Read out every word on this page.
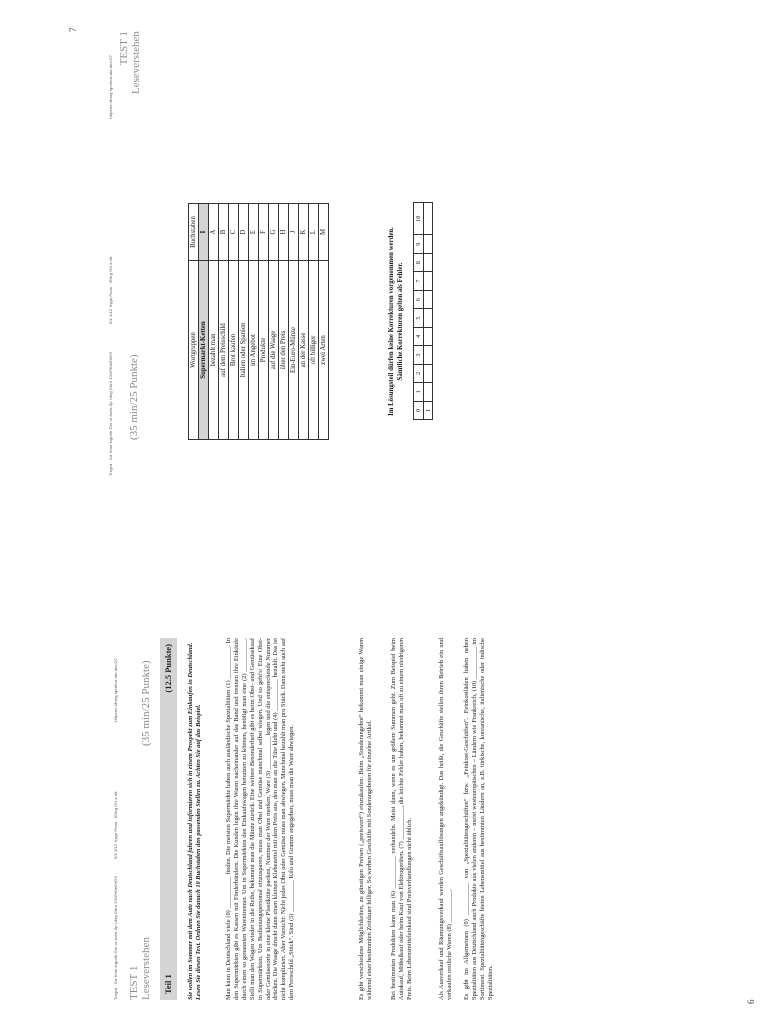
Tregrd · Da Hom ingrolh Oro or Autrl-Sp Ukrg Gitrn 10W%0eErEIS
5/1 1/12 Nyga Pnan · IEhrg Gtr a rfk
Hltperio-Mmrg Igerlhur-atu.dnv.O7
TEST 1 Leseverstehen
(35 min/25 Punkte)
Teil 1
(12.5 Punkte) Sie wollen im Sommer mit dem Auto nach Deutschland fahren und informieren sich in einem Prospekt zum Einkaufen in Deutschland. Lesen Sie diesen Text. Ordnen Sie danach 10 Buchstaben den passenden Stellen zu. Achten Sie auf das Beispiel.	Man kann in Deutschland viele (0) __________ finden. Die meisten Supermärkte haben auch ausländische Spezialitäten (1) __________. In den Supermärkten gibt es Kassen mit Förderbändern. Die Kunden legen ihre Waren nacheinander auf das Band und trennen ihre Einkäufe durch einen so genannten Warentrenner. Um in Supermärkten den Einkaufswagen benutzen zu können, benötigt man eine (2) __________. Stellt man den Wagen wieder in die Reihe, bekommt man die Münze zurück. Eine weitere Besonderheit gibt es beim Obst- und Gemüsekauf in Supermärkten. Um Bedienungspersonal einzusparen, muss man Obst und Gemüse manchmal selbst wiegen. Und so geht's: Eine Obst- oder Gemüsesorte in eine kleine Plastiktüte packen, Nummer der Ware merken, Ware (3) __________ legen und die entsprechende Nummer drücken. Die Waage druckt dann einen kleinen Klebezettel mit dem Preis aus, den man an die Tüte klebt und (4) __________ bezahlt. Das ist nicht kompliziert. Aber Vorsicht: Nicht jedes Obst oder Gemüse muss man abwiegen. Manchmal bezahlt man pro Stück. Dann steht auch auf dem Preisschild „Stück“. Sind (5) __________ Kilo und Gramm angegeben, muss man die Ware abwiegen.	Es gibt verschiedene Möglichkeiten, zu günstigen Preisen („preiswert“) einzukaufen: Beim „Sonderangebot“ bekommt man einige Waren während einer bestimmten Zeitdauer billiger. So werben Geschäfte mit Sonderangeboten für einzelne Artikel.	Bei bestimmten Produkten kann man (6) __________ verhandeln. Meist dann, wenn es um größere Summen geht. Zum Beispiel beim Autokauf, Möbelkauf oder beim Kauf von Elektrogeräten. (7) __________, die leichte Fehler haben, bekommt man oft zu einem niedrigeren Preis. Beim Lebensmitteleinkauf sind Preisverhandlungen nicht üblich.	Als Ausverkauf und Räumungsverkauf werden Geschäftsauflösungen angekündigt. Das heißt, die Geschäfte stellen ihren Betrieb ein und verkaufen restliche Waren (8) __________. Es gibt im Allgemeinen (9) __________ von „Spezialitätengeschäften“ bzw. „Feinkost-Geschäften“. Feinkostläden haben neben Spezialitäten aus Deutschland auch Produkte aus vielen anderen – meist westeuropäischen – Ländern wie Frankreich, (10) __________ im Sortiment. Spezialitätengeschäfte bieten Lebensmittel aus bestimmten Ländern an, z.B. türkische, koreanische, italienische oder indische Spezialitäten.
6
Tregrd · Da Hom ingrolh Oro or Autrl-Sp Ukrg Gitrn 10W%0eErEIS
5/1 1/12 Nyga Pnan · IEhrg Gtr a rfk
Hltperio-Mmrg Igerlhur-atu.dnv.O7
(35 min/25 Punkte)
TEST 1 Leseverstehen
Wortgruppen	Buchstaben
Supermarkt-Ketten	I
bezahlt man	A
auf dem Preisschild	B
Brot kaufen	C
Italien oder Spanien	D
im Angebot	E
Produkte	F
auf die Waage	G
über den Preis	H
Ein-Euro-Münze	J
an der Kasse	K
oft billiger	L
zwei Arten	M	Im Lösungsteil dürfen keine Korrekturen vorgenommen werden. Sämtliche Korrekturen gelten als Fehler.
0	1	2	3	4	5	6	7	8	9	10
I										
7
